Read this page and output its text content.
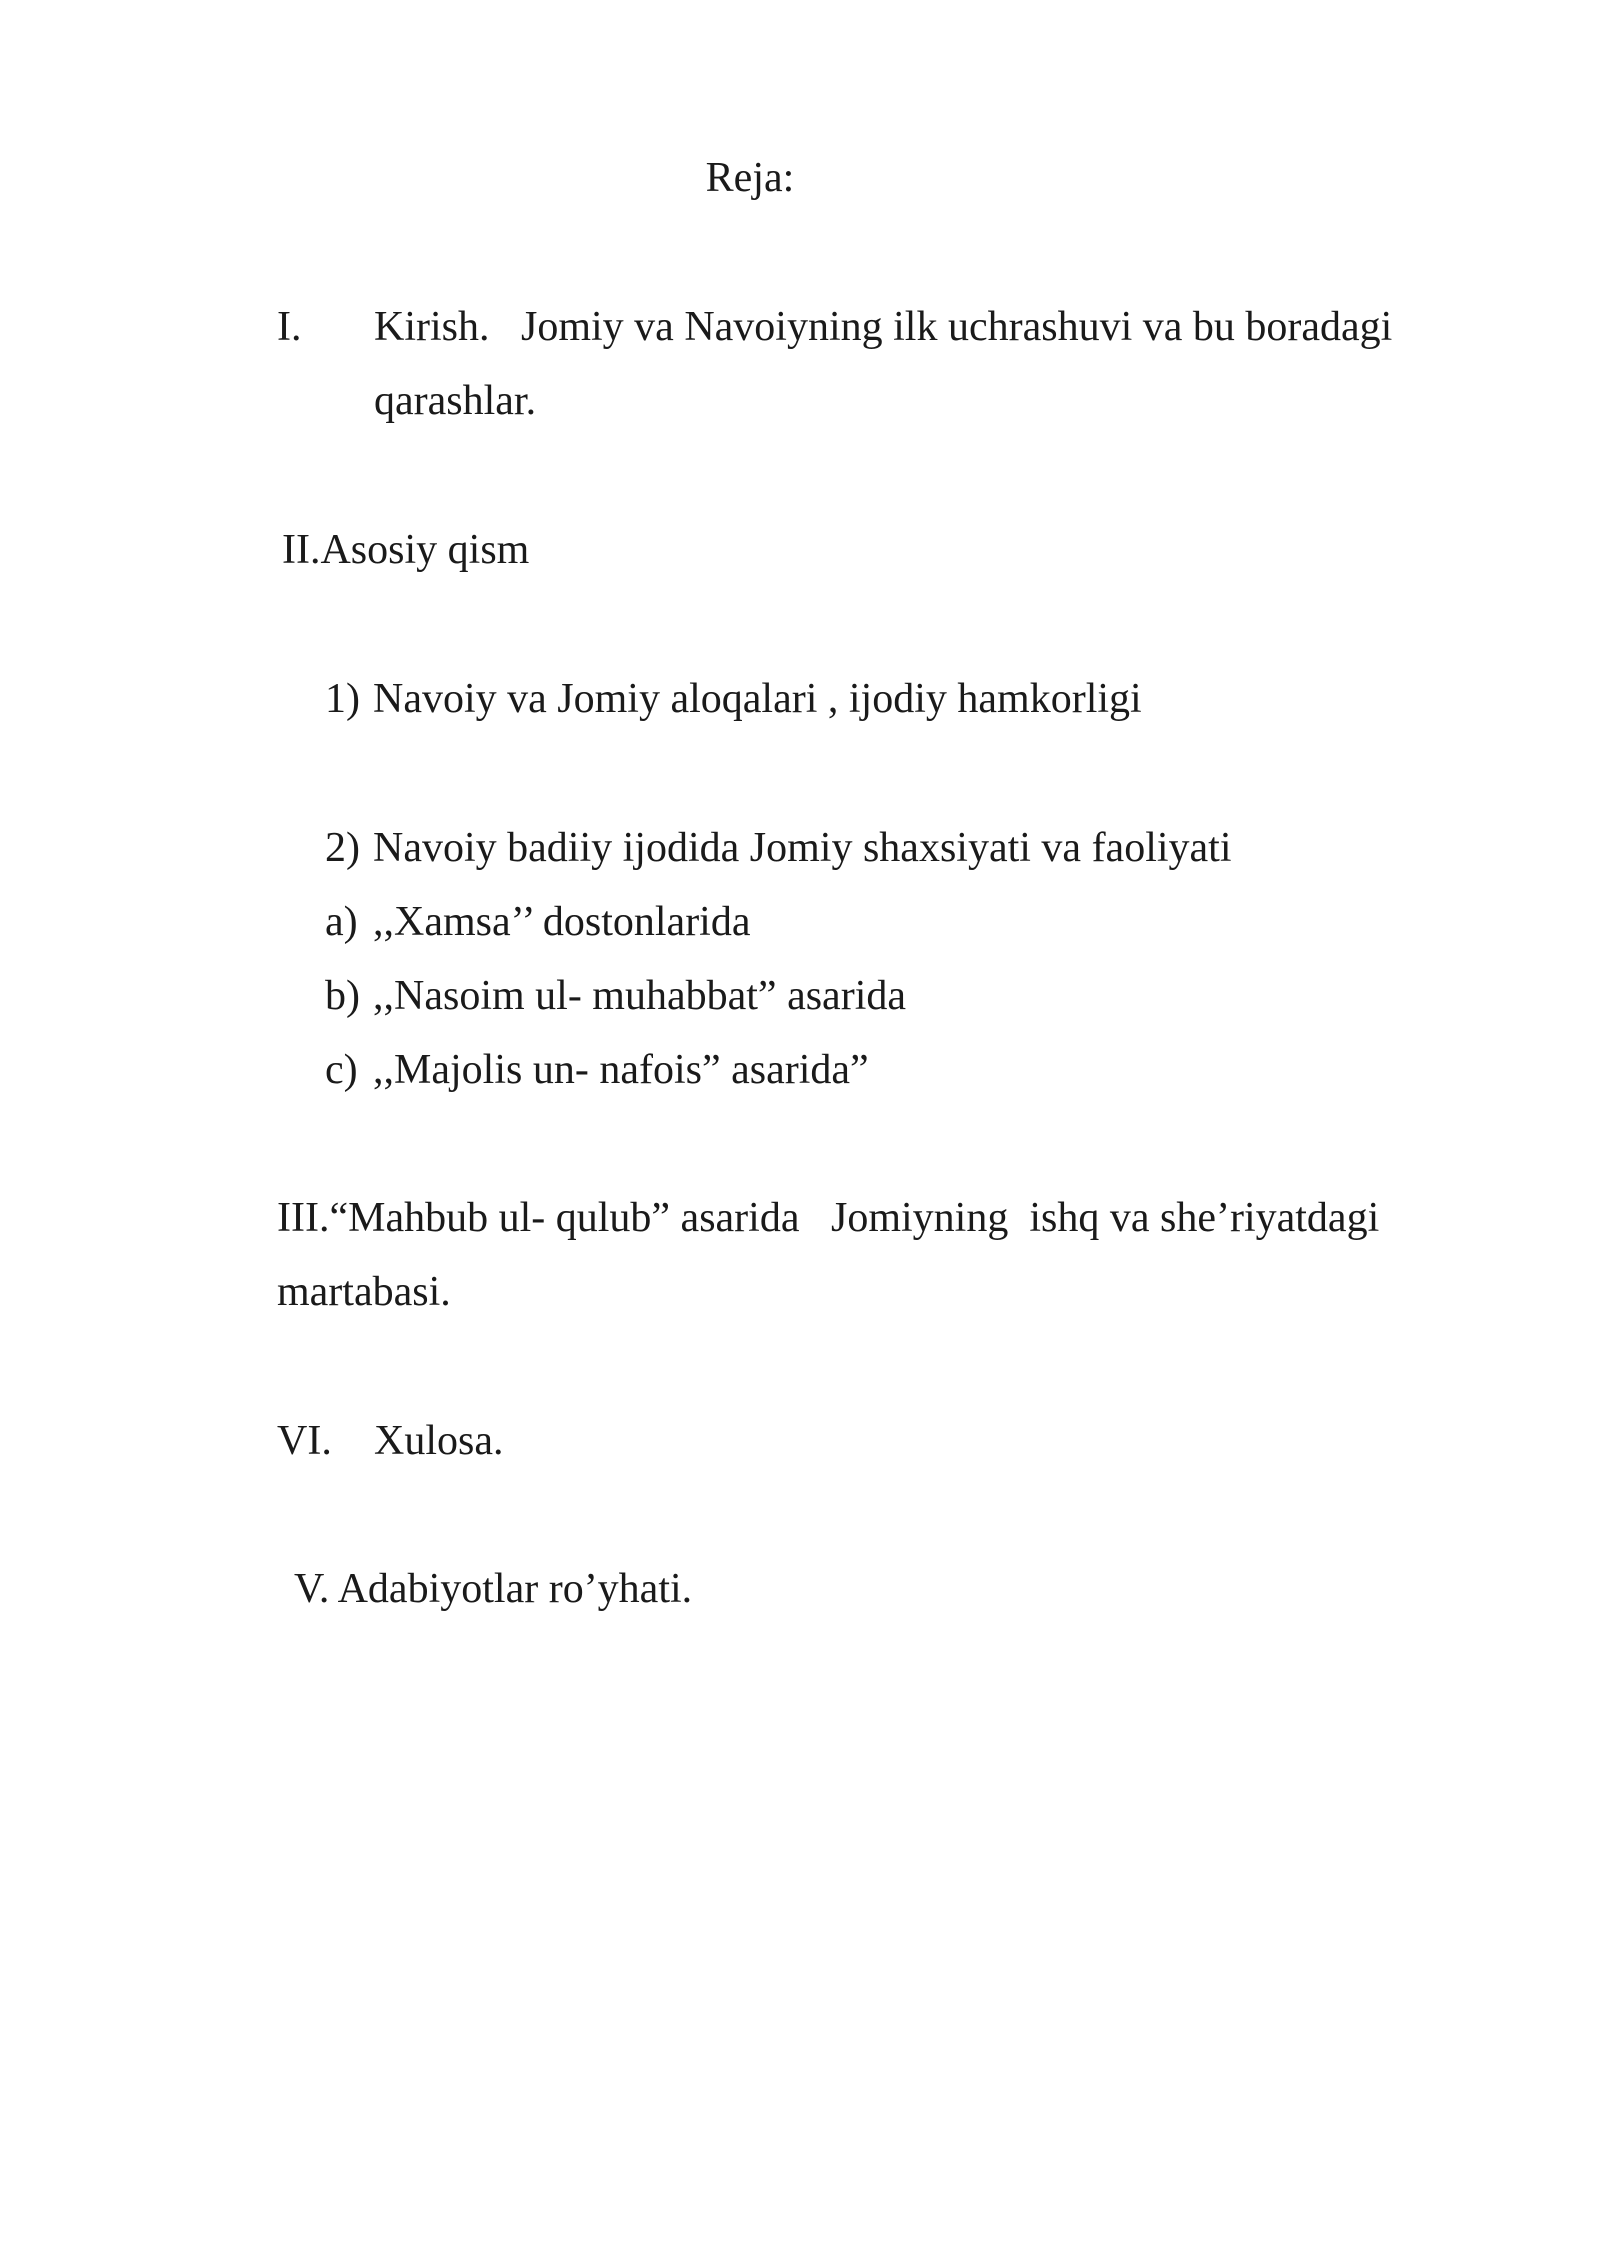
Reja:
I. Kirish.   Jomiy va Navoiyning ilk uchrashuvi va bu boradagi
qarashlar.
II.Asosiy qism
1) Navoiy va Jomiy aloqalari , ijodiy hamkorligi
2) Navoiy badiiy ijodida Jomiy shaxsiyati va faoliyati
a) ,,Xamsa’’ dostonlarida
b) ,,Nasoim ul- muhabbat” asarida
c) ,,Majolis un- nafois” asarida”
III.“Mahbub ul- qulub” asarida   Jomiyning  ishq va she’riyatdagi
martabasi.
VI. Xulosa.
V. Adabiyotlar ro’yhati.
